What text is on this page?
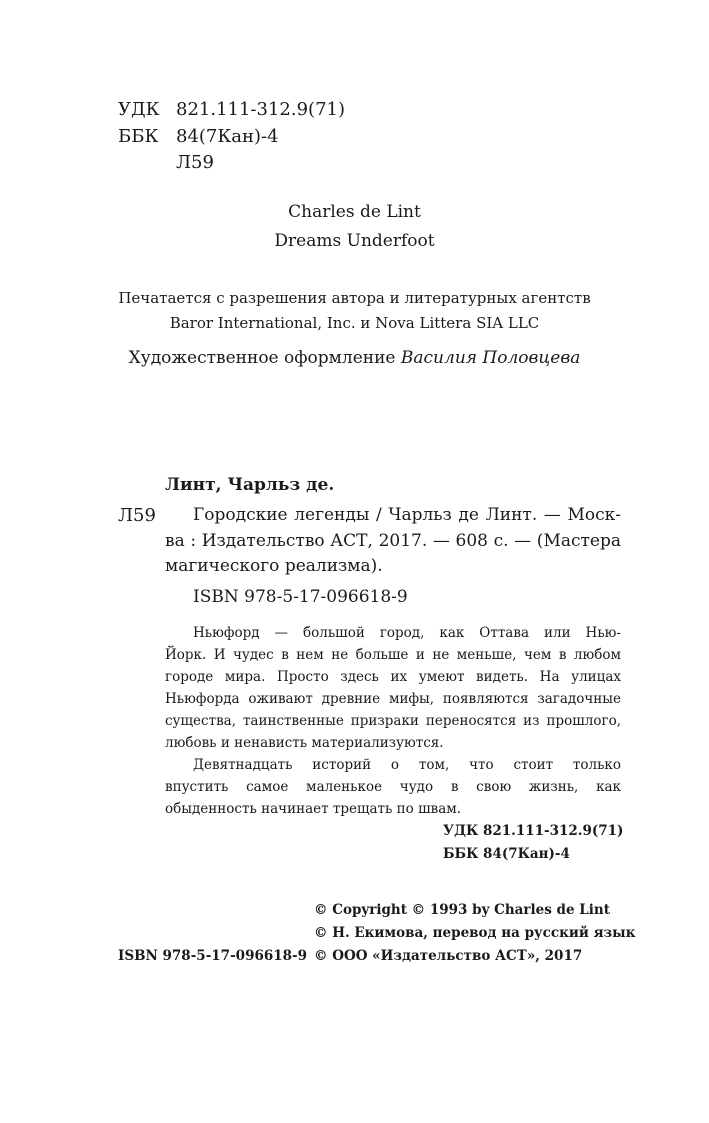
УДК 821.111-312.9(71)
ББК 84(7Кан)-4
Л59
Charles de Lint
Dreams Underfoot
Печатается с разрешения автора и литературных агентств
Baror International, Inc. и Nova Littera SIA LLC
Художественное оформление Василия Половцева
Линт, Чарльз де.
Л59 Городские легенды / Чарльз де Линт. — Моск-
ва : Издательство АСТ, 2017. — 608 с. — (Мастера
магического реализма).
ISBN 978-5-17-096618-9
Ньюфорд — большой город, как Оттава или Нью-
Йорк. И чудес в нем не больше и не меньше, чем в любом
городе мира. Просто здесь их умеют видеть. На улицах
Ньюфорда оживают древние мифы, появляются загадочные
существа, таинственные призраки переносятся из прошлого,
любовь и ненависть материализуются.
Девятнадцать историй о том, что стоит только
впустить самое маленькое чудо в свою жизнь, как
обыденность начинает трещать по швам.
УДК 821.111-312.9(71)
ББК 84(7Кан)-4
© Copyright © 1993 by Charles de Lint
© Н. Екимова, перевод на русский язык
ISBN 978-5-17-096618-9 © ООО «Издательство АСТ», 2017
